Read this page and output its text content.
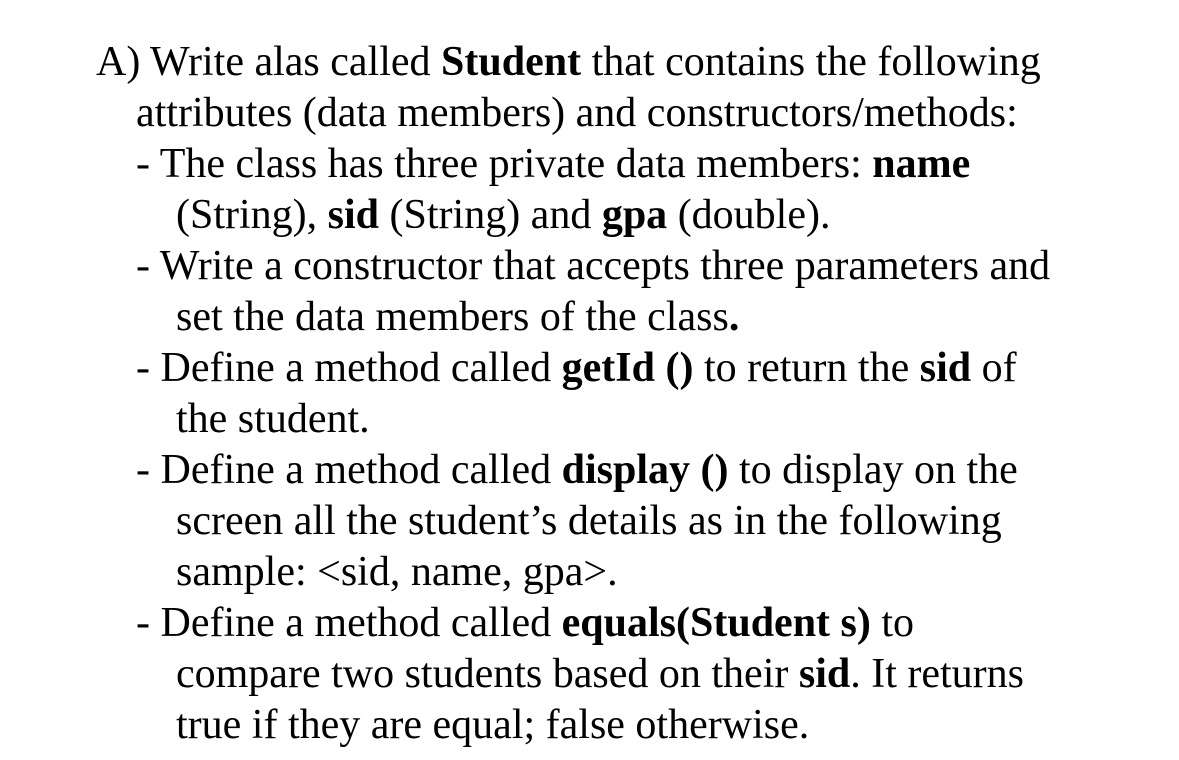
A) Write alas called Student that contains the following
attributes (data members) and constructors/methods:
- The class has three private data members: name
(String), sid (String) and gpa (double).
- Write a constructor that accepts three parameters and
set the data members of the class.
- Define a method called getId () to return the sid of
the student.
- Define a method called display () to display on the
screen all the student’s details as in the following
sample: <sid, name, gpa>.
- Define a method called equals(Student s) to
compare two students based on their sid. It returns
true if they are equal; false otherwise.
